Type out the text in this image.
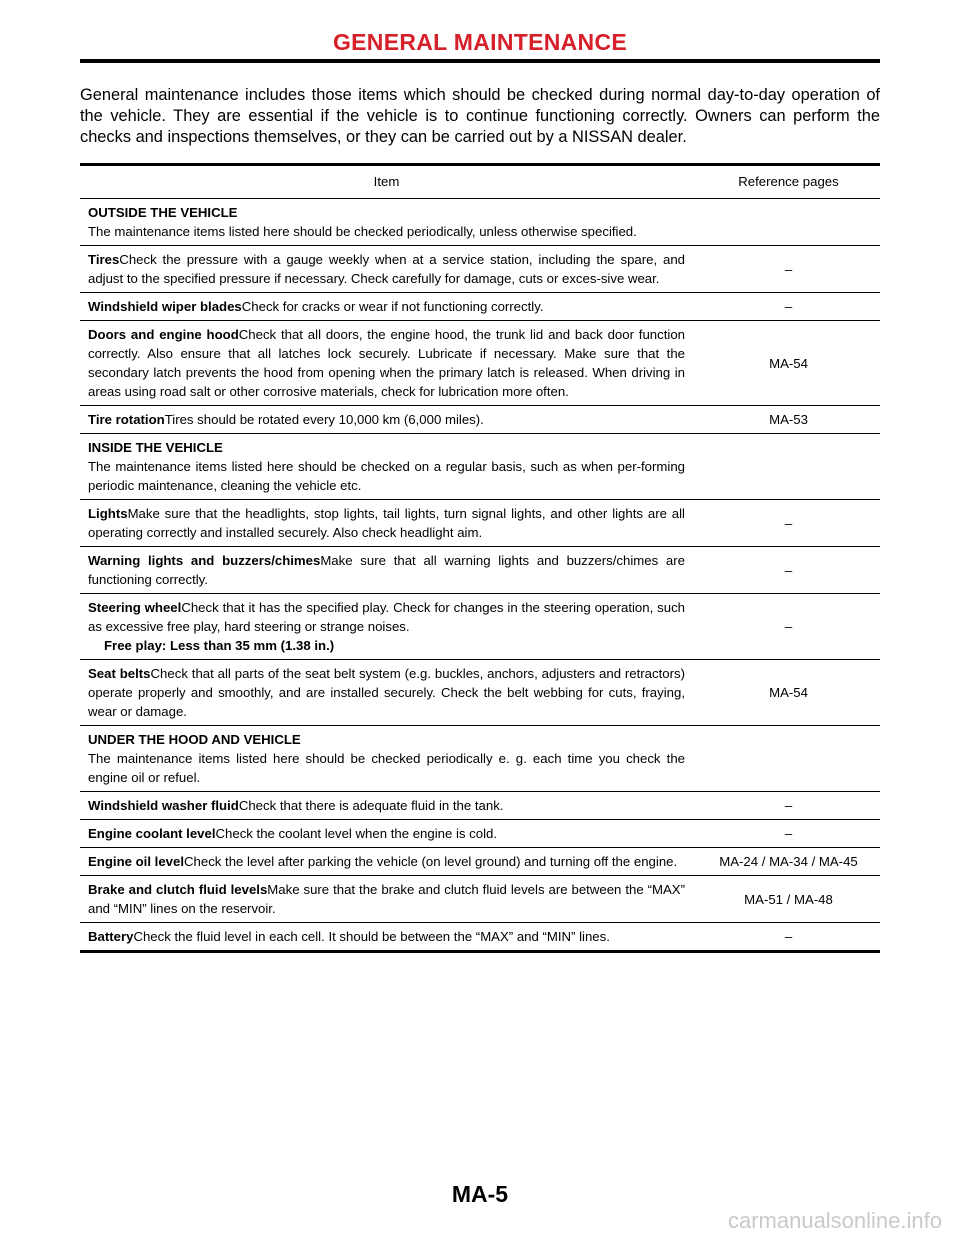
GENERAL MAINTENANCE

General maintenance includes those items which should be checked during normal day-to-day operation of the vehicle. They are essential if the vehicle is to continue functioning correctly. Owners can perform the checks and inspections themselves, or they can be carried out by a NISSAN dealer.

Item	Reference pages

OUTSIDE THE VEHICLE
The maintenance items listed here should be checked periodically, unless otherwise specified.	
TiresCheck the pressure with a gauge weekly when at a service station, including the spare, and adjust to the specified pressure if necessary. Check carefully for damage, cuts or exces-sive wear.	–
Windshield wiper bladesCheck for cracks or wear if not functioning correctly.	–
Doors and engine hoodCheck that all doors, the engine hood, the trunk lid and back door function correctly. Also ensure that all latches lock securely. Lubricate if necessary. Make sure that the secondary latch prevents the hood from opening when the primary latch is released. When driving in areas using road salt or other corrosive materials, check for lubrication more often.	MA-54
Tire rotationTires should be rotated every 10,000 km (6,000 miles).	MA-53

INSIDE THE VEHICLE
The maintenance items listed here should be checked on a regular basis, such as when per-forming periodic maintenance, cleaning the vehicle etc.	
LightsMake sure that the headlights, stop lights, tail lights, turn signal lights, and other lights are all operating correctly and installed securely. Also check headlight aim.	–
Warning lights and buzzers/chimesMake sure that all warning lights and buzzers/chimes are functioning correctly.	–
Steering wheelCheck that it has the specified play. Check for changes in the steering operation, such as excessive free play, hard steering or strange noises.
Free play: Less than 35 mm (1.38 in.)	–
Seat beltsCheck that all parts of the seat belt system (e.g. buckles, anchors, adjusters and retractors) operate properly and smoothly, and are installed securely. Check the belt webbing for cuts, fraying, wear or damage.	MA-54

UNDER THE HOOD AND VEHICLE
The maintenance items listed here should be checked periodically e. g. each time you check the engine oil or refuel.	
Windshield washer fluidCheck that there is adequate fluid in the tank.	–
Engine coolant levelCheck the coolant level when the engine is cold.	–
Engine oil levelCheck the level after parking the vehicle (on level ground) and turning off the engine.	MA-24 / MA-34 / MA-45
Brake and clutch fluid levelsMake sure that the brake and clutch fluid levels are between the “MAX” and “MIN” lines on the reservoir.	MA-51 / MA-48
BatteryCheck the fluid level in each cell. It should be between the “MAX” and “MIN” lines.	–
MA-5
carmanualsonline.info
